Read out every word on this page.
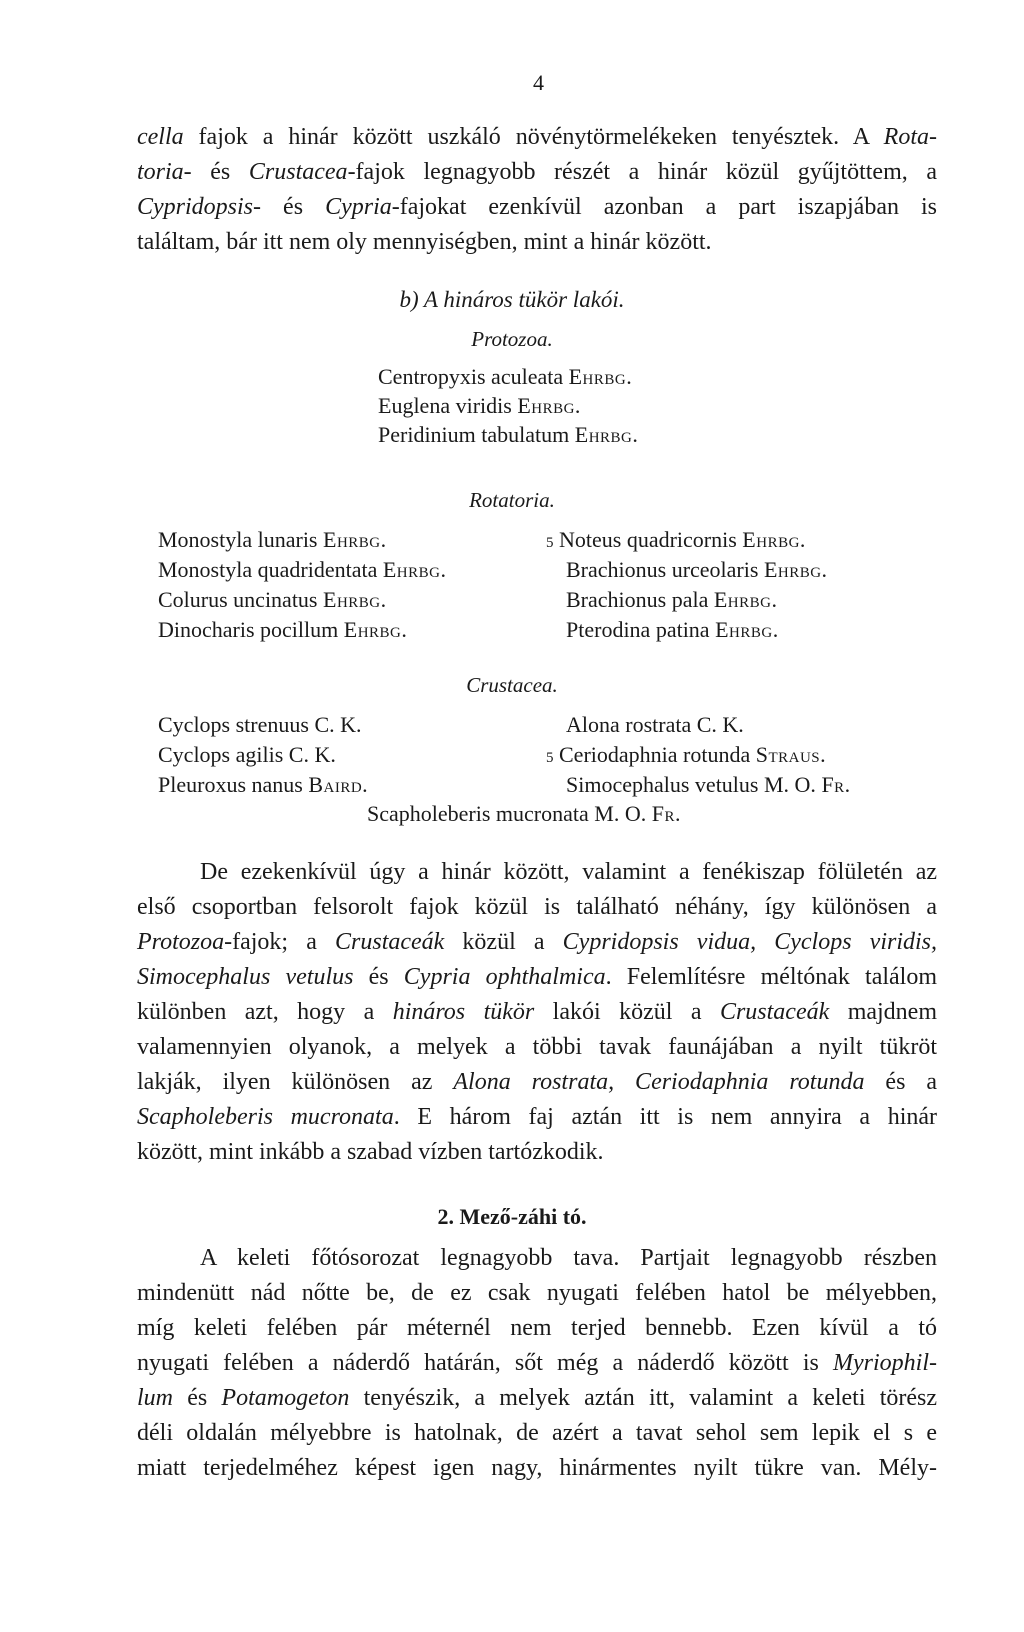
4
cella fajok a hinár között uszkáló növénytörmelékeken tenyésztek. A Rota-
toria- és Crustacea-fajok legnagyobb részét a hinár közül gyűjtöttem, a
Cypridopsis- és Cypria-fajokat ezenkívül azonban a part iszapjában is
találtam, bár itt nem oly mennyiségben, mint a hinár között.
b) A hináros tükör lakói.
Protozoa.
Centropyxis aculeata Ehrbg.
Euglena viridis Ehrbg.
Peridinium tabulatum Ehrbg.
Rotatoria.
Monostyla lunaris Ehrbg.
Monostyla quadridentata Ehrbg.
Colurus uncinatus Ehrbg.
Dinocharis pocillum Ehrbg.
5 Noteus quadricornis Ehrbg.
Brachionus urceolaris Ehrbg.
Brachionus pala Ehrbg.
Pterodina patina Ehrbg.
Crustacea.
Cyclops strenuus C. K.
Cyclops agilis C. K.
Pleuroxus nanus Baird.
Alona rostrata C. K.
5 Ceriodaphnia rotunda Straus.
Simocephalus vetulus M. O. Fr.
Scapholeberis mucronata M. O. Fr.
De ezekenkívül úgy a hinár között, valamint a fenékiszap fölületén az
első csoportban felsorolt fajok közül is található néhány, így különösen a
Protozoa-fajok; a Crustaceák közül a Cypridopsis vidua, Cyclops viridis,
Simocephalus vetulus és Cypria ophthalmica. Felemlítésre méltónak találom
különben azt, hogy a hináros tükör lakói közül a Crustaceák majdnem
valamennyien olyanok, a melyek a többi tavak faunájában a nyilt tükröt
lakják, ilyen különösen az Alona rostrata, Ceriodaphnia rotunda és a
Scapholeberis mucronata. E három faj aztán itt is nem annyira a hinár
között, mint inkább a szabad vízben tartózkodik.
2. Mező-záhi tó.
A keleti főtósorozat legnagyobb tava. Partjait legnagyobb részben
mindenütt nád nőtte be, de ez csak nyugati felében hatol be mélyebben,
míg keleti felében pár méternél nem terjed bennebb. Ezen kívül a tó
nyugati felében a náderdő határán, sőt még a náderdő között is Myriophil-
lum és Potamogeton tenyészik, a melyek aztán itt, valamint a keleti törész
déli oldalán mélyebbre is hatolnak, de azért a tavat sehol sem lepik el s e
miatt terjedelméhez képest igen nagy, hinármentes nyilt tükre van. Mély-
